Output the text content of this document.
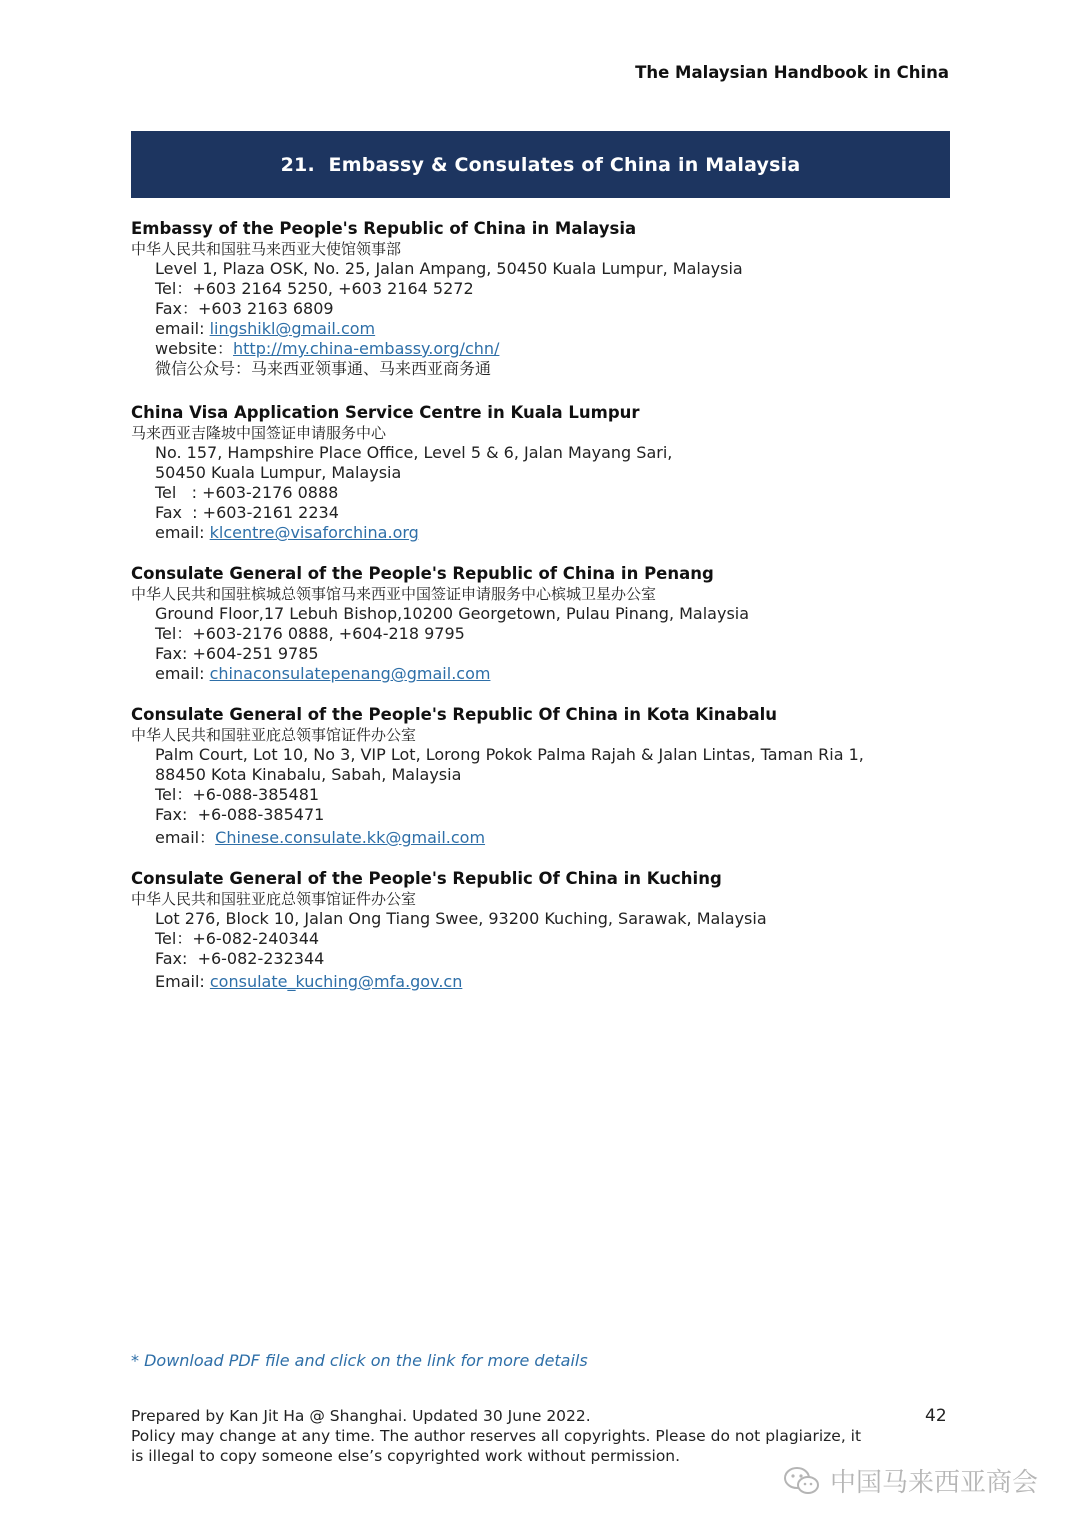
The Malaysian Handbook in China
21.
Embassy & Consulates of China in Malaysia
Embassy of the People's Republic of China in Malaysia
中华人民共和国驻马来西亚大使馆领事部
Level 1, Plaza OSK, No. 25, Jalan Ampang, 50450 Kuala Lumpur, Malaysia
Tel：+603 2164 5250, +603 2164 5272
Fax：+603 2163 6809
email: lingshikl@gmail.com
website：http://my.china-embassy.org/chn/
微信公众号：马来西亚领事通、马来西亚商务通
China Visa Application Service Centre in Kuala Lumpur
马来西亚吉隆坡中国签证申请服务中心
No. 157, Hampshire Place Office, Level 5 & 6, Jalan Mayang Sari,
50450 Kuala Lumpur, Malaysia
Tel   : +603-2176 0888
Fax  : +603-2161 2234
email: klcentre@visaforchina.org
Consulate General of the People's Republic of China in Penang
中华人民共和国驻槟城总领事馆马来西亚中国签证申请服务中心槟城卫星办公室
Ground Floor,17 Lebuh Bishop,10200 Georgetown, Pulau Pinang, Malaysia
Tel：+603-2176 0888, +604-218 9795
Fax: +604-251 9785
email: chinaconsulatepenang@gmail.com
Consulate General of the People's Republic Of China in Kota Kinabalu
中华人民共和国驻亚庇总领事馆证件办公室
Palm Court, Lot 10, No 3, VIP Lot, Lorong Pokok Palma Rajah & Jalan Lintas, Taman Ria 1,
88450 Kota Kinabalu, Sabah, Malaysia
Tel：+6-088-385481
Fax:  +6-088-385471
email：Chinese.consulate.kk@gmail.com
Consulate General of the People's Republic Of China in Kuching
中华人民共和国驻亚庇总领事馆证件办公室
Lot 276, Block 10, Jalan Ong Tiang Swee, 93200 Kuching, Sarawak, Malaysia
Tel：+6-082-240344
Fax:  +6-082-232344
Email: consulate_kuching@mfa.gov.cn
* Download PDF file and click on the link for more details
Prepared by Kan Jit Ha @ Shanghai. Updated 30 June 2022.
Policy may change at any time. The author reserves all copyrights. Please do not plagiarize, it
is illegal to copy someone else’s copyrighted work without permission.
42
中国马来西亚商会
